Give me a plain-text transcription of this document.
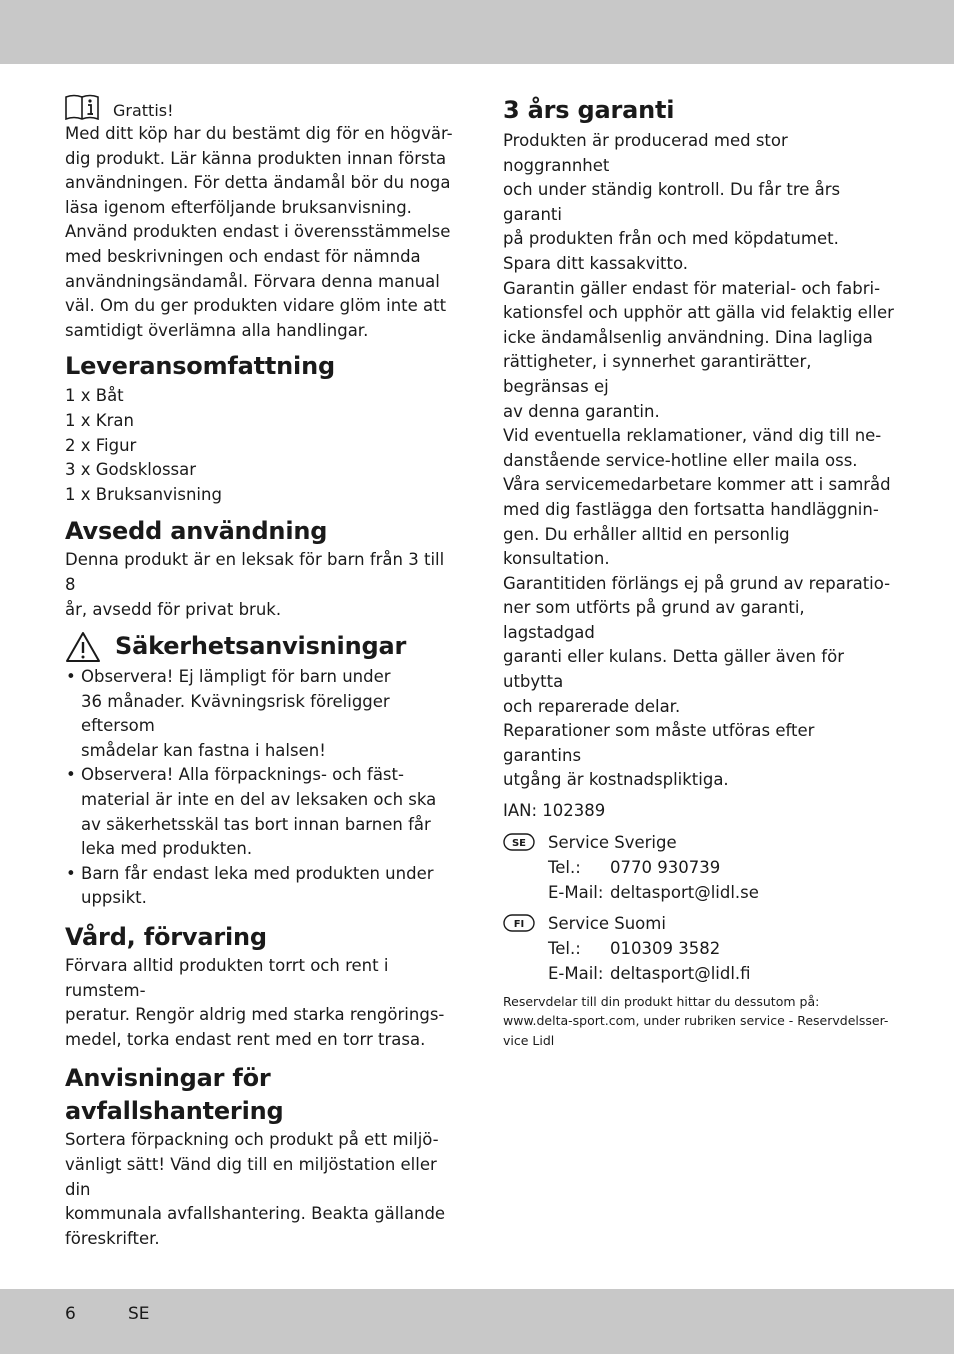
Grattis!

Med ditt köp har du bestämt dig för en högvär-
dig produkt. Lär känna produkten innan första
användningen. För detta ändamål bör du noga
läsa igenom efterföljande bruksanvisning.
Använd produkten endast i överensstämmelse
med beskrivningen och endast för nämnda
användningsändamål. Förvara denna manual
väl. Om du ger produkten vidare glöm inte att
samtidigt överlämna alla handlingar.

Leveransomfattning
1 x Båt
1 x Kran
2 x Figur
3 x Godsklossar
1 x Bruksanvisning
Avsedd användning

Denna produkt är en leksak för barn från 3 till 8
år, avsedd för privat bruk.

Säkerhetsanvisningar
• Observera! Ej lämpligt för barn under
36 månader. Kvävningsrisk föreligger eftersom
smådelar kan fastna i halsen!
• Observera! Alla förpacknings- och fäst-
material är inte en del av leksaken och ska
av säkerhetsskäl tas bort innan barnen får
leka med produkten.
• Barn får endast leka med produkten under
uppsikt.
Vård, förvaring

Förvara alltid produkten torrt och rent i rumstem-
peratur. Rengör aldrig med starka rengörings-
medel, torka endast rent med en torr trasa.

Anvisningar för
avfallshantering

Sortera förpackning och produkt på ett miljö-
vänligt sätt! Vänd dig till en miljöstation eller din
kommunala avfallshantering. Beakta gällande
föreskrifter.

3 års garanti

Produkten är producerad med stor noggrannhet
och under ständig kontroll. Du får tre års garanti
på produkten från och med köpdatumet.
Spara ditt kassakvitto.
Garantin gäller endast för material- och fabri-
kationsfel och upphör att gälla vid felaktig eller
icke ändamålsenlig användning. Dina lagliga
rättigheter, i synnerhet garantirätter, begränsas ej
av denna garantin.
Vid eventuella reklamationer, vänd dig till ne-
danstående service-hotline eller maila oss.
Våra servicemedarbetare kommer att i samråd
med dig fastlägga den fortsatta handläggnin-
gen. Du erhåller alltid en personlig konsultation.
Garantitiden förlängs ej på grund av reparatio-
ner som utförts på grund av garanti, lagstadgad
garanti eller kulans. Detta gäller även för utbytta
och reparerade delar.
Reparationer som måste utföras efter garantins
utgång är kostnadspliktiga.

IAN: 102389

SE Service Sverige

Tel.:	0770 930739
E-Mail: deltasport@lidl.se
FI Service Suomi

Tel.:	010309 3582
E-Mail: deltasport@lidl.fi

Reservdelar till din produkt hittar du dessutom på:
www.delta-sport.com, under rubriken service - Reservdelsser-
vice Lidl

6	SE
